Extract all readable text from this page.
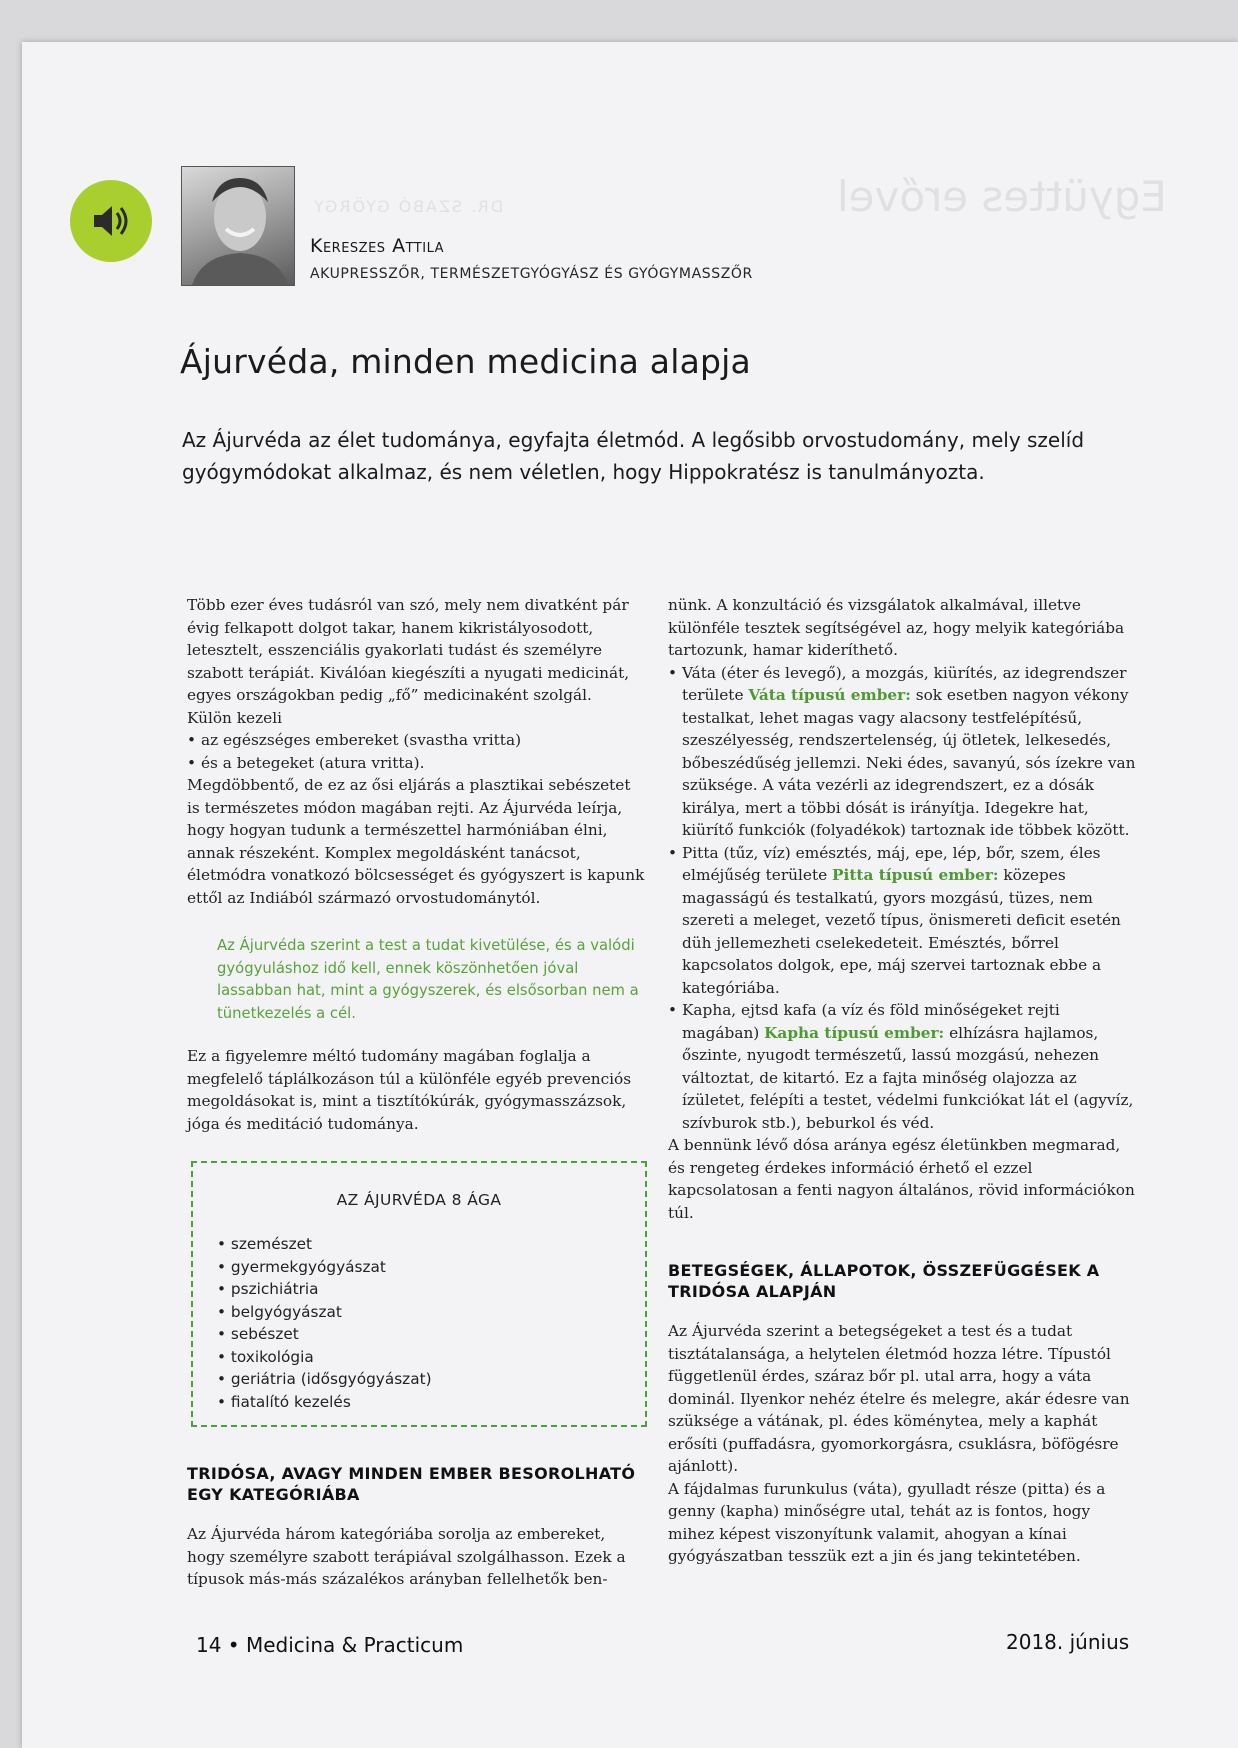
Együttes erővel
DR. SZABÓ GYÖRGY
Kereszes Attila
AKUPRESSZŐR, TERMÉSZETGYÓGYÁSZ ÉS GYÓGYMASSZŐR
Ájurvéda, minden medicina alapja

Az Ájurvéda az élet tudománya, egyfajta életmód. A legősibb orvostudomány, mely szelíd gyógymódokat alkalmaz, és nem véletlen, hogy Hippokratész is tanulmányozta.

Több ezer éves tudásról van szó, mely nem divatként pár évig felkapott dolgot takar, hanem kikristályosodott, letesztelt, esszenciális gyakorlati tudást és személyre szabott terápiát. Kiválóan kiegészíti a nyugati medicinát, egyes országokban pedig „fő” medicinaként szolgál.

Külön kezeli

• az egészséges embereket (svastha vritta)

• és a betegeket (atura vritta).

Megdöbbentő, de ez az ősi eljárás a plasztikai sebészetet is természetes módon magában rejti. Az Ájurvéda leírja, hogy hogyan tudunk a természettel harmóniában élni, annak részeként. Komplex megoldásként tanácsot, életmódra vonatkozó bölcsességet és gyógyszert is kapunk ettől az Indiából származó orvostudománytól.

Az Ájurvéda szerint a test a tudat kivetülése, és a valódi gyógyuláshoz idő kell, ennek köszönhetően jóval lassabban hat, mint a gyógyszerek, és elsősorban nem a tünetkezelés a cél.

Ez a figyelemre méltó tudomány magában foglalja a megfelelő táplálkozáson túl a különféle egyéb prevenciós megoldásokat is, mint a tisztítókúrák, gyógymasszázsok, jóga és meditáció tudománya.

AZ ÁJURVÉDA 8 ÁGA
• szemészet
• gyermekgyógyászat
• pszichiátria
• belgyógyászat
• sebészet
• toxikológia
• geriátria (idősgyógyászat)
• fiatalító kezelés

TRIDÓSA, AVAGY MINDEN EMBER BESOROLHATÓ EGY KATEGÓRIÁBA

Az Ájurvéda három kategóriába sorolja az embereket, hogy személyre szabott terápiával szolgálhasson. Ezek a típusok más-más százalékos arányban fellelhetők ben-

nünk. A konzultáció és vizsgálatok alkalmával, illetve különféle tesztek segítségével az, hogy melyik kategóriába tartozunk, hamar kideríthető.

• Váta (éter és levegő), a mozgás, kiürítés, az idegrendszer területe Váta típusú ember: sok esetben nagyon vékony testalkat, lehet magas vagy alacsony testfelépítésű, szeszélyesség, rendszertelenség, új ötletek, lelkesedés, bőbeszédűség jellemzi. Neki édes, savanyú, sós ízekre van szüksége. A váta vezérli az idegrendszert, ez a dósák királya, mert a többi dósát is irányítja. Idegekre hat, kiürítő funkciók (folyadékok) tartoznak ide többek között.

• Pitta (tűz, víz) emésztés, máj, epe, lép, bőr, szem, éles elméjűség területe Pitta típusú ember: közepes magasságú és testalkatú, gyors mozgású, tüzes, nem szereti a meleget, vezető típus, önismereti deficit esetén düh jellemezheti cselekedeteit. Emésztés, bőrrel kapcsolatos dolgok, epe, máj szervei tartoznak ebbe a kategóriába.

• Kapha, ejtsd kafa (a víz és föld minőségeket rejti magában) Kapha típusú ember: elhízásra hajlamos, őszinte, nyugodt természetű, lassú mozgású, nehezen változtat, de kitartó. Ez a fajta minőség olajozza az ízületet, felépíti a testet, védelmi funkciókat lát el (agyvíz, szívburok stb.), beburkol és véd.

A bennünk lévő dósa aránya egész életünkben megmarad, és rengeteg érdekes információ érhető el ezzel kapcsolatosan a fenti nagyon általános, rövid információkon túl.

BETEGSÉGEK, ÁLLAPOTOK, ÖSSZEFÜGGÉSEK A TRIDÓSA ALAPJÁN

Az Ájurvéda szerint a betegségeket a test és a tudat tisztátalansága, a helytelen életmód hozza létre. Típustól függetlenül érdes, száraz bőr pl. utal arra, hogy a váta dominál. Ilyenkor nehéz ételre és melegre, akár édesre van szüksége a vátának, pl. édes köménytea, mely a kaphát erősíti (puffadásra, gyomorkorgásra, csuklásra, böfögésre ajánlott).

A fájdalmas furunkulus (váta), gyulladt része (pitta) és a genny (kapha) minőségre utal, tehát az is fontos, hogy mihez képest viszonyítunk valamit, ahogyan a kínai gyógyászatban tesszük ezt a jin és jang tekintetében.

14 • Medicina & Practicum	2018. június
